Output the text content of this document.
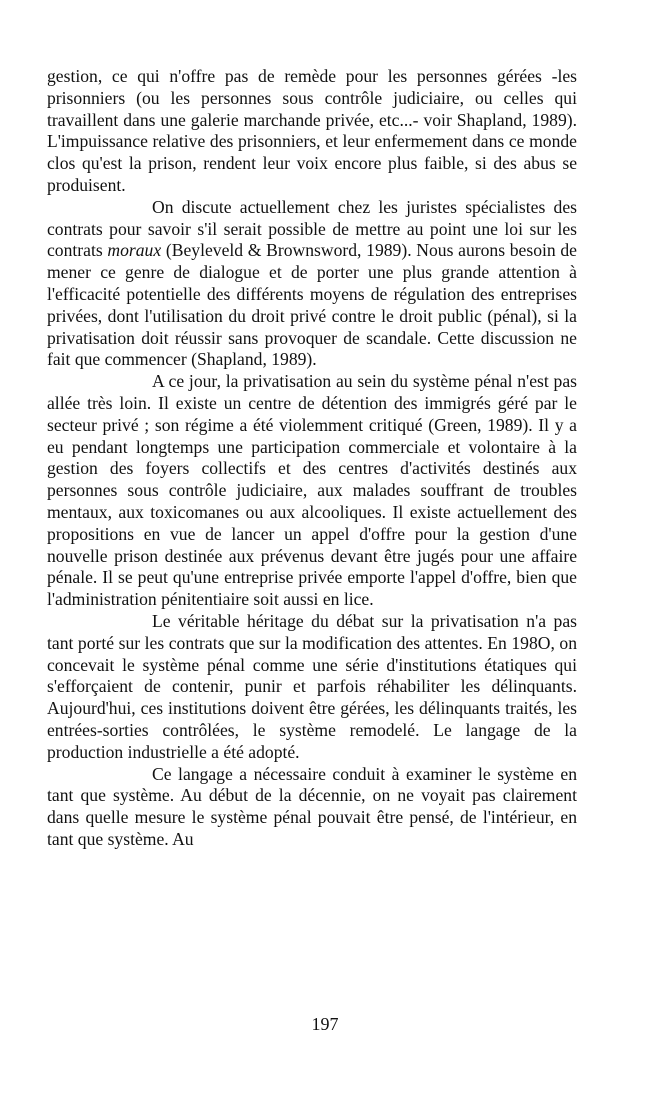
gestion, ce qui n'offre pas de remède pour les personnes gérées -les prisonniers (ou les personnes sous contrôle judiciaire, ou celles qui travaillent dans une galerie marchande privée, etc...- voir Shapland, 1989). L'impuissance relative des prisonniers, et leur enfermement dans ce monde clos qu'est la prison, rendent leur voix encore plus faible, si des abus se produisent.

On discute actuellement chez les juristes spécialistes des contrats pour savoir s'il serait possible de mettre au point une loi sur les contrats moraux (Beyleveld & Brownsword, 1989). Nous aurons besoin de mener ce genre de dialogue et de porter une plus grande attention à l'efficacité potentielle des différents moyens de régulation des entreprises privées, dont l'utilisation du droit privé contre le droit public (pénal), si la privatisation doit réussir sans provoquer de scandale. Cette discussion ne fait que commencer (Shapland, 1989).

A ce jour, la privatisation au sein du système pénal n'est pas allée très loin. Il existe un centre de détention des immigrés géré par le secteur privé ; son régime a été violemment critiqué (Green, 1989). Il y a eu pendant longtemps une participation commerciale et volontaire à la gestion des foyers collectifs et des centres d'activités destinés aux personnes sous contrôle judiciaire, aux malades souffrant de troubles mentaux, aux toxicomanes ou aux alcooliques. Il existe actuellement des propositions en vue de lancer un appel d'offre pour la gestion d'une nouvelle prison destinée aux prévenus devant être jugés pour une affaire pénale. Il se peut qu'une entreprise privée emporte l'appel d'offre, bien que l'administration pénitentiaire soit aussi en lice.

Le véritable héritage du débat sur la privatisation n'a pas tant porté sur les contrats que sur la modification des attentes. En 198O, on concevait le système pénal comme une série d'institutions étatiques qui s'efforçaient de contenir, punir et parfois réhabiliter les délinquants. Aujourd'hui, ces institutions doivent être gérées, les délinquants traités, les entrées-sorties contrôlées, le système remodelé. Le langage de la production industrielle a été adopté.

Ce langage a nécessaire conduit à examiner le système en tant que système. Au début de la décennie, on ne voyait pas clairement dans quelle mesure le système pénal pouvait être pensé, de l'intérieur, en tant que système. Au

197
